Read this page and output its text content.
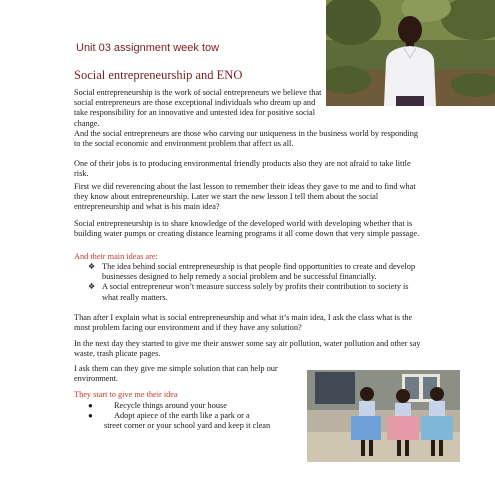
Unit 03 assignment week tow
Social entrepreneurship and ENO
Social entrepreneurship is the work of social entrepreneurs we believe that social entrepreneurs are those exceptional individuals who dream up and take responsibility for an innovative and untested idea for positive social change.
And the social entrepreneurs are those who carving our uniqueness in the business world by responding to the social economic and environment problem that affect us all.
One of their jobs is to producing environmental friendly products also they are not afraid to take little risk.
First we did reverencing about the last lesson to remember their ideas they gave to me and to find what they know about entrepreneurship. Later we start the new lesson I tell them about the social entrepreneurship and what is his main idea?
Social entrepreneurship is to share knowledge of the developed world with developing whether that is building water pumps or creating distance learning programs it all come down that very simple passage.
And their main ideas are:
❖ The idea behind social entrepreneurship is that people find opportunities to create and develop businesses designed to help remedy a social problem and be successful financially.
❖ A social entrepreneur won’t measure success solely by profits their contribution to society is what really matters.
Than after I explain what is social entrepreneurship and what it’s main idea, I ask the class what is the most problem facing our environment and if they have any solution?
In the next day they started to give me their answer some say air pollution, water pollution and other say waste, trash plicate pages.
I ask them can they give me simple solution that can help our environment.
They start to give me their idea
●	Recycle things around your house
●	Adopt apiece of the earth like a park or a
street corner or your school yard and keep it clean
